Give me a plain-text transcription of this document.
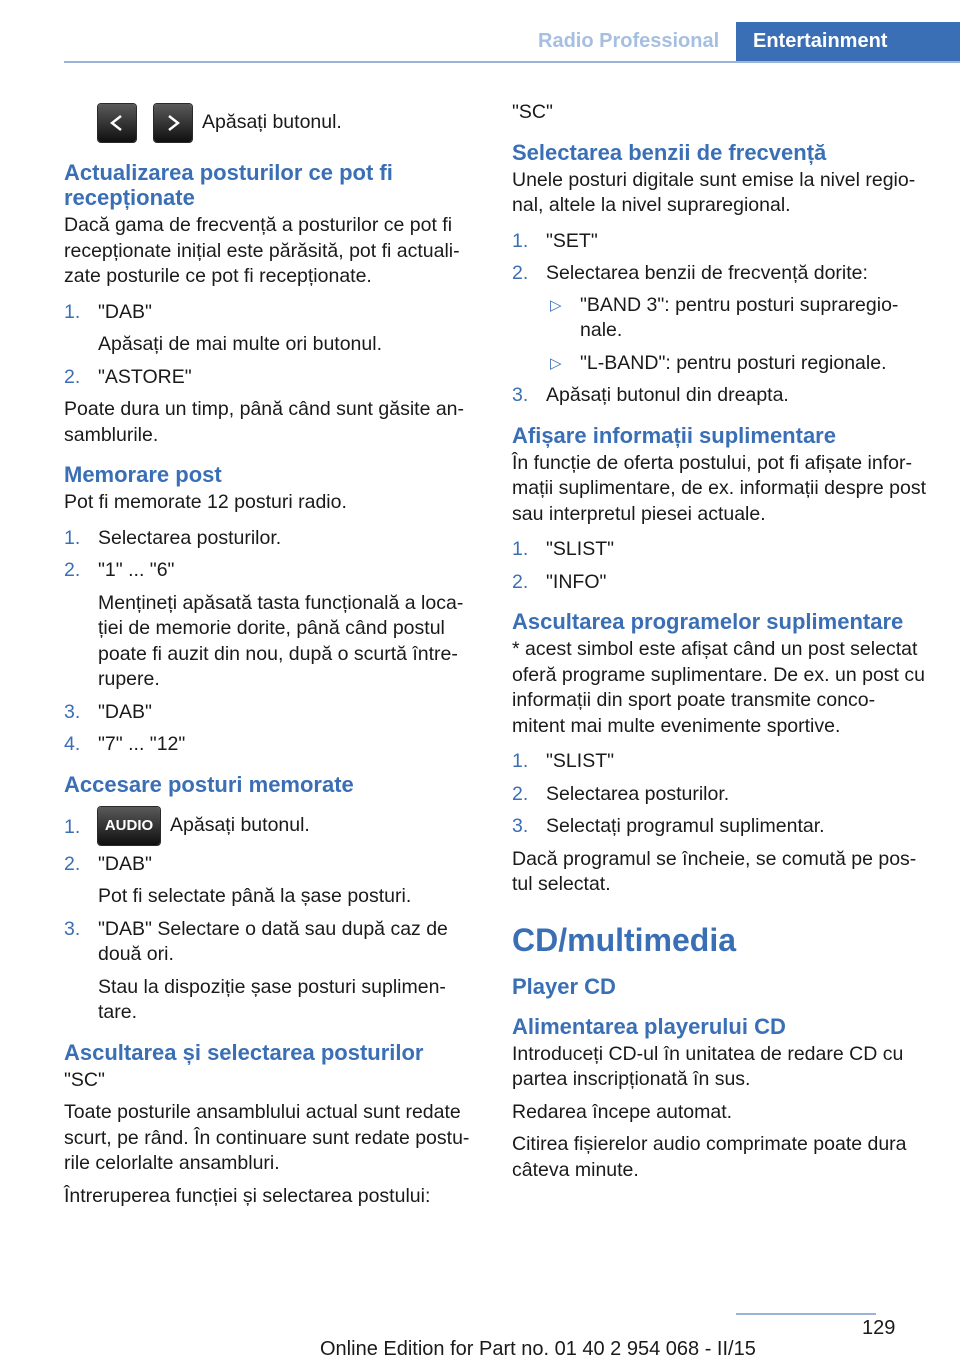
Radio Professional	Entertainment
Apăsați butonul.
Actualizarea posturilor ce pot fi recepționate

Dacă gama de frecvență a posturilor ce pot fi recepționate inițial este părăsită, pot fi actuali-zate posturile ce pot fi recepționate.

1. "DAB"
Apăsați de mai multe ori butonul.
2. "ASTORE"

Poate dura un timp, până când sunt găsite an-samblurile.

Memorare post

Pot fi memorate 12 posturi radio.

1. Selectarea posturilor.
2. "1" ... "6"
Mențineți apăsată tasta funcțională a loca-ției de memorie dorite, până când postul poate fi auzit din nou, după o scurtă între-rupere.
3. "DAB"
4. "7" ... "12"
Accesare posturi memorate
1.	AUDIO Apăsați butonul.
2. "DAB"
Pot fi selectate până la șase posturi.
3. "DAB" Selectare o dată sau după caz de două ori.
Stau la dispoziție șase posturi suplimen-tare.
Ascultarea și selectarea posturilor

"SC"

Toate posturile ansamblului actual sunt redate scurt, pe rând. În continuare sunt redate postu-rile celorlalte ansambluri.

Întreruperea funcției și selectarea postului:

"SC"

Selectarea benzii de frecvență

Unele posturi digitale sunt emise la nivel regio-nal, altele la nivel supraregional.

1. "SET"
2. Selectarea benzii de frecvență dorite:
▷ "BAND 3": pentru posturi supraregio-nale.
▷ "L-BAND": pentru posturi regionale.
3. Apăsați butonul din dreapta.
Afișare informații suplimentare

În funcție de oferta postului, pot fi afișate infor-mații suplimentare, de ex. informații despre post sau interpretul piesei actuale.

1. "SLIST"
2. "INFO"
Ascultarea programelor suplimentare

* acest simbol este afișat când un post selectat oferă programe suplimentare. De ex. un post cu informații din sport poate transmite conco-mitent mai multe evenimente sportive.

1. "SLIST"
2. Selectarea posturilor.
3. Selectați programul suplimentar.

Dacă programul se încheie, se comută pe pos-tul selectat.

CD/multimedia
Player CD
Alimentarea playerului CD

Introduceți CD-ul în unitatea de redare CD cu partea inscripționată în sus.

Redarea începe automat.

Citirea fișierelor audio comprimate poate dura câteva minute.

129
Online Edition for Part no. 01 40 2 954 068 - II/15
